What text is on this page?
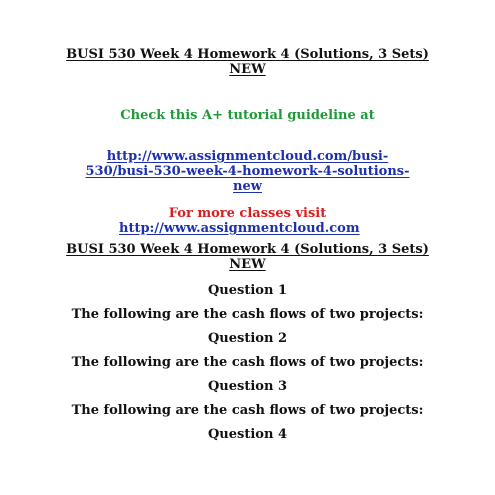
BUSI 530 Week 4 Homework 4 (Solutions, 3 Sets)
NEW
Check this A+ tutorial guideline at
http://www.assignmentcloud.com/busi-
530/busi-530-week-4-homework-4-solutions-
new
For more classes visit
http://www.assignmentcloud.com
BUSI 530 Week 4 Homework 4 (Solutions, 3 Sets)
NEW
Question 1
The following are the cash flows of two projects:
Question 2
The following are the cash flows of two projects:
Question 3
The following are the cash flows of two projects:
Question 4
